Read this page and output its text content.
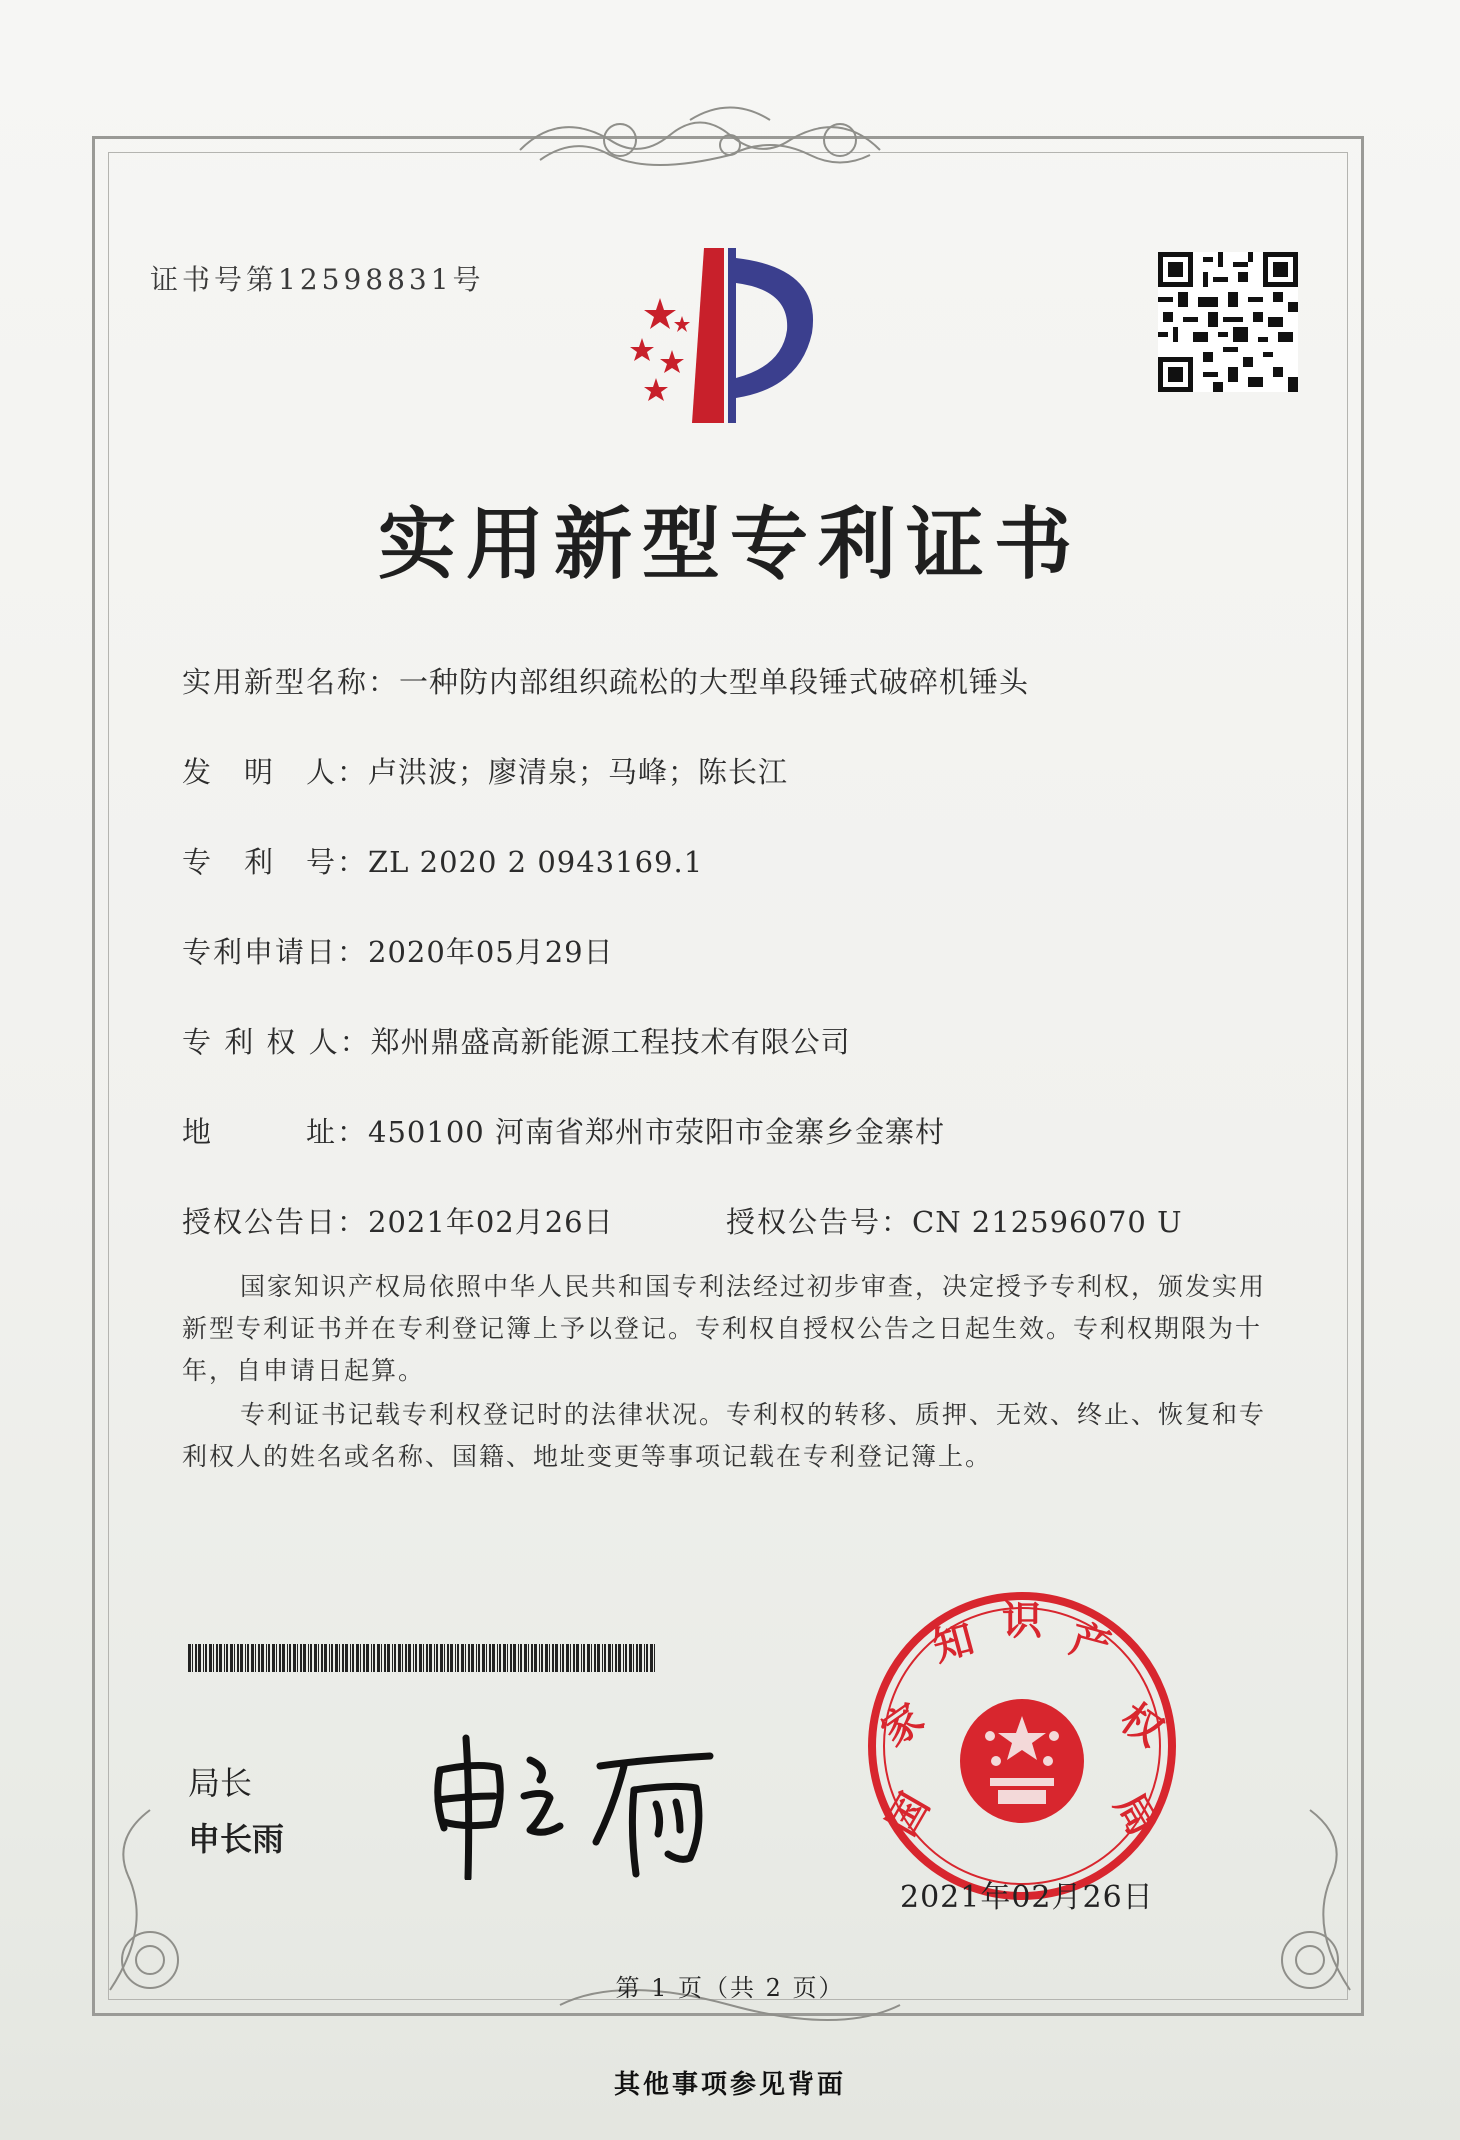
证书号第12598831号
实用新型专利证书
实用新型名称：一种防内部组织疏松的大型单段锤式破碎机锤头
发　明　人：卢洪波；廖清泉；马峰；陈长江
专　利　号：ZL 2020 2 0943169.1
专利申请日：2020年05月29日
专 利 权 人：郑州鼎盛高新能源工程技术有限公司
地　　　址：450100 河南省郑州市荥阳市金寨乡金寨村
授权公告日：2021年02月26日	授权公告号：CN 212596070 U
国家知识产权局依照中华人民共和国专利法经过初步审查，决定授予专利权，颁发实用新型专利证书并在专利登记簿上予以登记。专利权自授权公告之日起生效。专利权期限为十年，自申请日起算。
专利证书记载专利权登记时的法律状况。专利权的转移、质押、无效、终止、恢复和专利权人的姓名或名称、国籍、地址变更等事项记载在专利登记簿上。
局长
申长雨	国
家
知 识 产
权
局
2021年02月26日
第 1 页（共 2 页）
其他事项参见背面
